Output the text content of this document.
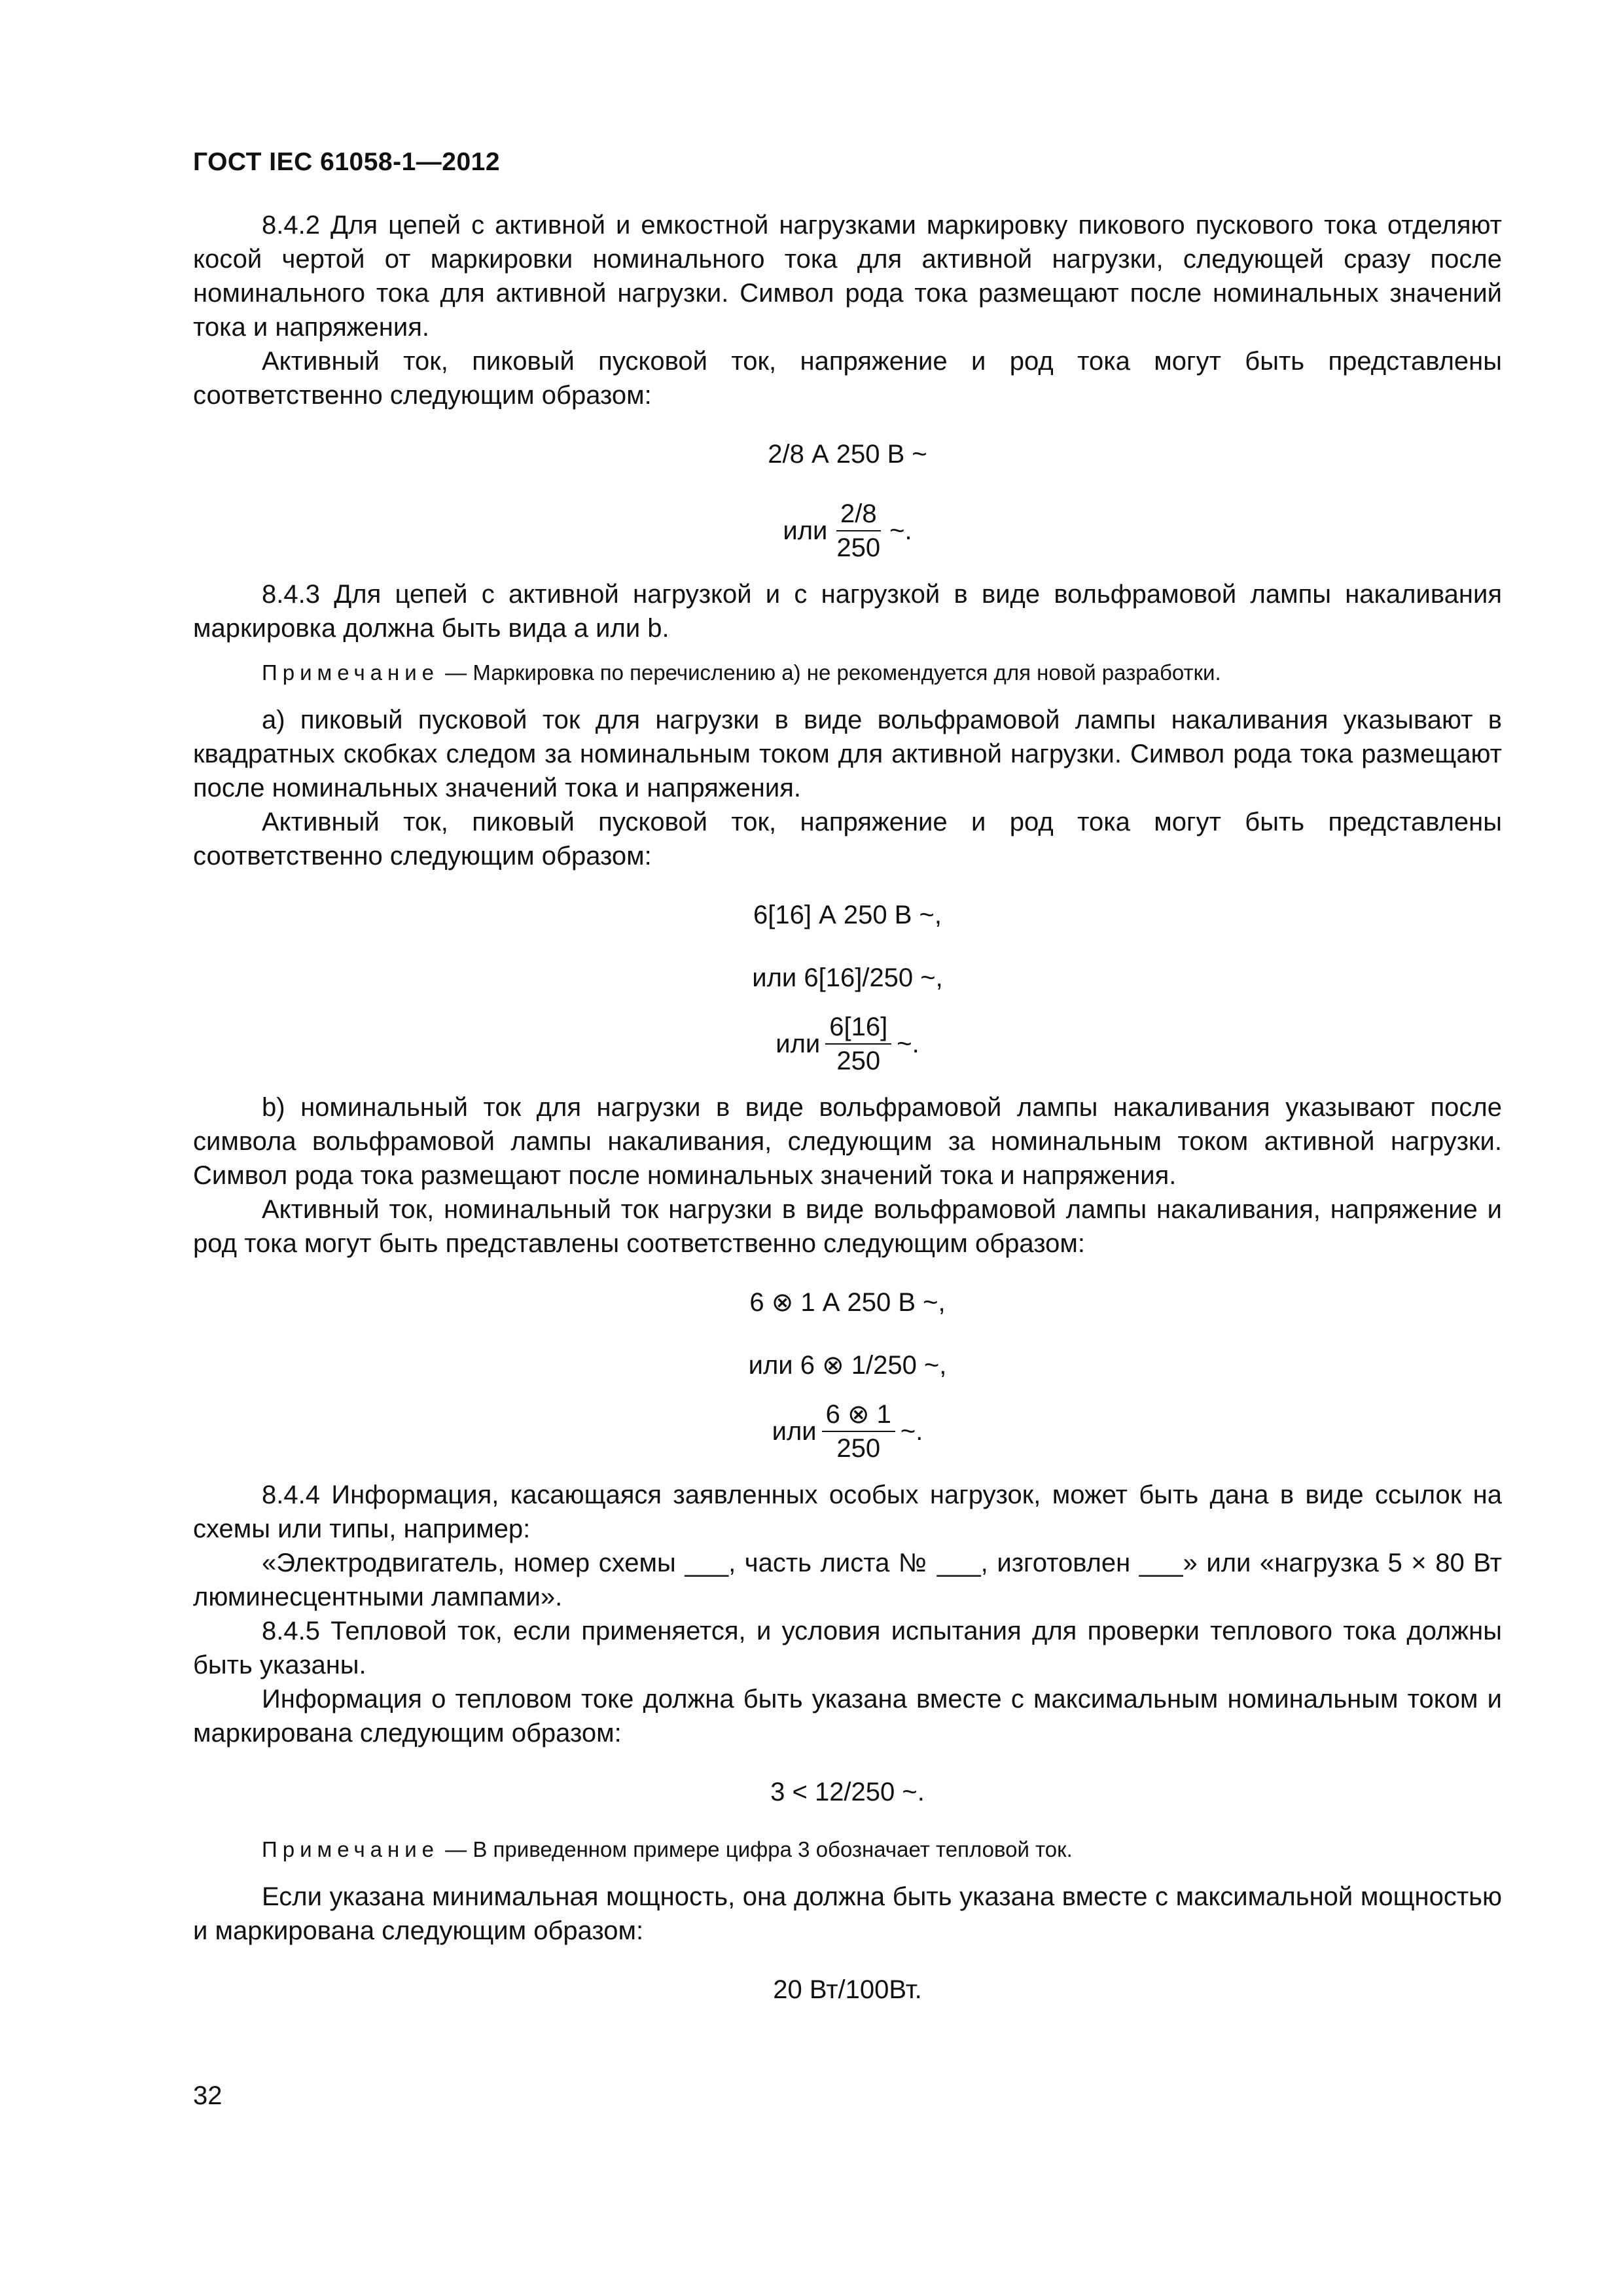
ГОСТ IEC 61058-1—2012

8.4.2 Для цепей с активной и емкостной нагрузками маркировку пикового пускового тока отделяют косой чертой от маркировки номинального тока для активной нагрузки, следующей сразу после номинального тока для активной нагрузки. Символ рода тока размещают после номинальных значений тока и напряжения.

Активный ток, пиковый пусковой ток, напряжение и род тока могут быть представлены соответственно следующим образом:

2/8 А 250 В ~
или $\frac{2/8}{250}$ ~.

8.4.3 Для цепей с активной нагрузкой и с нагрузкой в виде вольфрамовой лампы накаливания маркировка должна быть вида a или b.

Примечание — Маркировка по перечислению а) не рекомендуется для новой разработки.

а) пиковый пусковой ток для нагрузки в виде вольфрамовой лампы накаливания указывают в квадратных скобках следом за номинальным током для активной нагрузки. Символ рода тока размещают после номинальных значений тока и напряжения.

Активный ток, пиковый пусковой ток, напряжение и род тока могут быть представлены соответственно следующим образом:

6[16] А 250 В ~,
или 6[16]/250 ~,
или $\frac{6[16]}{250}$ ~.

b) номинальный ток для нагрузки в виде вольфрамовой лампы накаливания указывают после символа вольфрамовой лампы накаливания, следующим за номинальным током активной нагрузки. Символ рода тока размещают после номинальных значений тока и напряжения.

Активный ток, номинальный ток нагрузки в виде вольфрамовой лампы накаливания, напряжение и род тока могут быть представлены соответственно следующим образом:

6 ⊗ 1 А 250 В ~,
или 6 ⊗ 1/250 ~,
или $\frac{6 \otimes 1}{250}$ ~.

8.4.4 Информация, касающаяся заявленных особых нагрузок, может быть дана в виде ссылок на схемы или типы, например:

«Электродвигатель, номер схемы ___, часть листа № ___, изготовлен ___» или «нагрузка 5 × 80 Вт люминесцентными лампами».

8.4.5 Тепловой ток, если применяется, и условия испытания для проверки теплового тока должны быть указаны.

Информация о тепловом токе должна быть указана вместе с максимальным номинальным током и маркирована следующим образом:

3 < 12/250 ~.

Примечание — В приведенном примере цифра 3 обозначает тепловой ток.

Если указана минимальная мощность, она должна быть указана вместе с максимальной мощностью и маркирована следующим образом:

20 Вт/100Вт.
32
